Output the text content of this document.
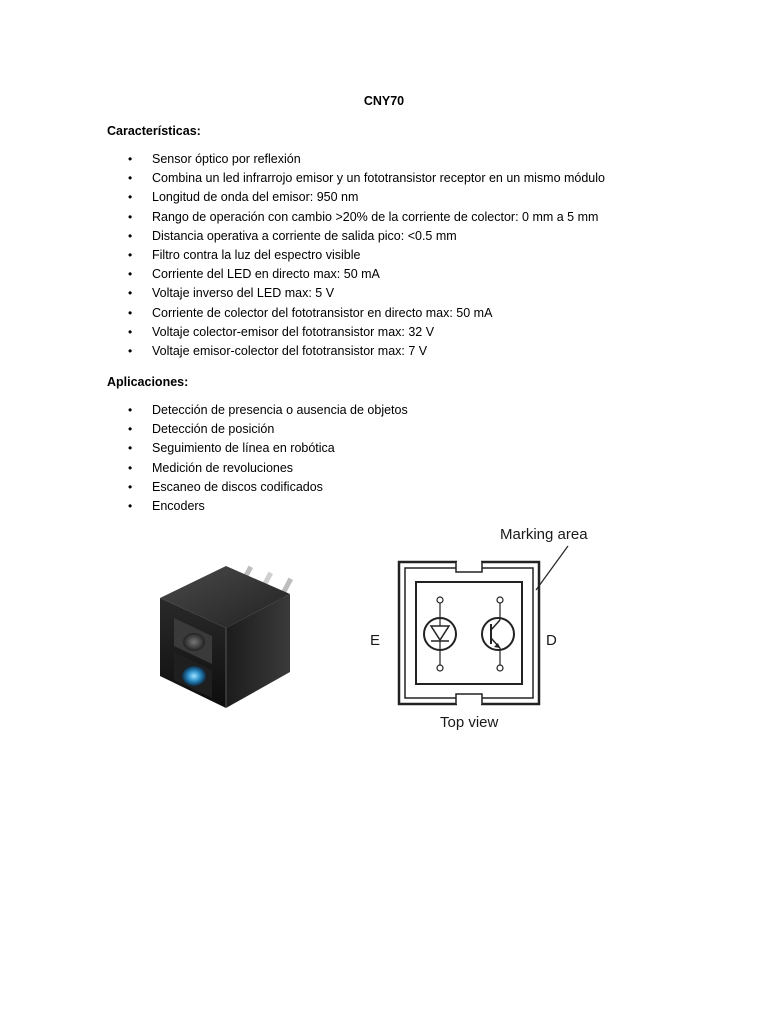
CNY70
Características:
• Sensor óptico por reflexión
• Combina un led infrarrojo emisor y un fototransistor receptor en un mismo módulo
• Longitud de onda del emisor: 950 nm
• Rango de operación con cambio >20% de la corriente de colector: 0 mm a 5 mm
• Distancia operativa a corriente de salida pico: <0.5 mm
• Filtro contra la luz del espectro visible
• Corriente del LED en directo max: 50 mA
• Voltaje inverso del LED max: 5 V
• Corriente de colector del fototransistor en directo max: 50 mA
• Voltaje colector-emisor del fototransistor max: 32 V
• Voltaje emisor-colector del fototransistor max: 7 V
Aplicaciones:
• Detección de presencia o ausencia de objetos
• Detección de posición
• Seguimiento de línea en robótica
• Medición de revoluciones
• Escaneo de discos codificados
• Encoders
Marking area
E	D
Top view
